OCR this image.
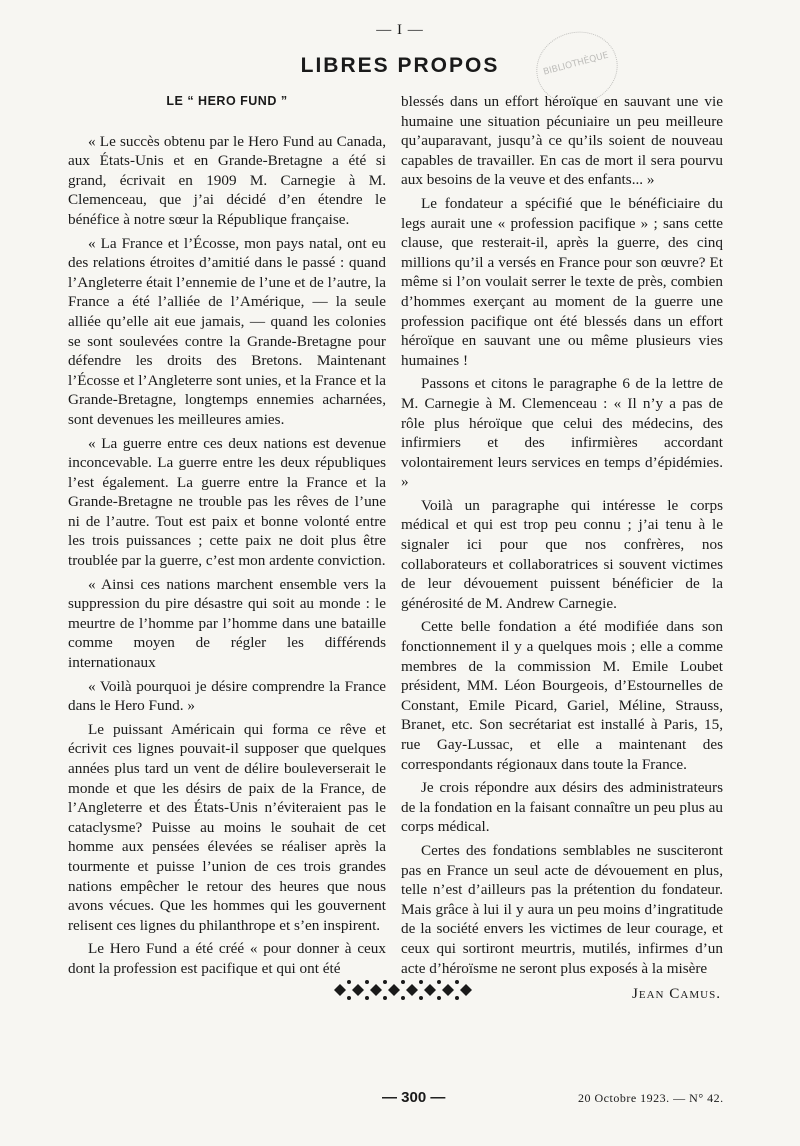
— I —
LIBRES PROPOS	BIBLIOTHÈQUE
LE “ HERO FUND ”

« Le succès obtenu par le Hero Fund au Canada, aux États-Unis et en Grande-Bretagne a été si grand, écrivait en 1909 M. Carnegie à M. Clemenceau, que j’ai décidé d’en étendre le bénéfice à notre sœur la République française.

« La France et l’Écosse, mon pays natal, ont eu des relations étroites d’amitié dans le passé : quand l’Angleterre était l’ennemie de l’une et de l’autre, la France a été l’alliée de l’Amérique, — la seule alliée qu’elle ait eue jamais, — quand les colonies se sont soulevées contre la Grande-Bretagne pour défendre les droits des Bretons. Maintenant l’Écosse et l’Angleterre sont unies, et la France et la Grande-Bretagne, longtemps ennemies acharnées, sont devenues les meilleures amies.

« La guerre entre ces deux nations est devenue inconcevable. La guerre entre les deux républiques l’est également. La guerre entre la France et la Grande-Bretagne ne trouble pas les rêves de l’une ni de l’autre. Tout est paix et bonne volonté entre les trois puissances ; cette paix ne doit plus être troublée par la guerre, c’est mon ardente conviction.

« Ainsi ces nations marchent ensemble vers la suppression du pire désastre qui soit au monde : le meurtre de l’homme par l’homme dans une bataille comme moyen de régler les différends internationaux

« Voilà pourquoi je désire comprendre la France dans le Hero Fund. »

Le puissant Américain qui forma ce rêve et écrivit ces lignes pouvait-il supposer que quelques années plus tard un vent de délire bouleverserait le monde et que les désirs de paix de la France, de l’Angleterre et des États-Unis n’éviteraient pas le cataclysme? Puisse au moins le souhait de cet homme aux pensées élevées se réaliser après la tourmente et puisse l’union de ces trois grandes nations empêcher le retour des heures que nous avons vécues. Que les hommes qui les gouvernent relisent ces lignes du philanthrope et s’en inspirent.

Le Hero Fund a été créé « pour donner à ceux dont la profession est pacifique et qui ont été

blessés dans un effort héroïque en sauvant une vie humaine une situation pécuniaire un peu meilleure qu’auparavant, jusqu’à ce qu’ils soient de nouveau capables de travailler. En cas de mort il sera pourvu aux besoins de la veuve et des enfants... »

Le fondateur a spécifié que le bénéficiaire du legs aurait une « profession pacifique » ; sans cette clause, que resterait-il, après la guerre, des cinq millions qu’il a versés en France pour son œuvre? Et même si l’on voulait serrer le texte de près, combien d’hommes exerçant au moment de la guerre une profession pacifique ont été blessés dans un effort héroïque en sauvant une ou même plusieurs vies humaines !

Passons et citons le paragraphe 6 de la lettre de M. Carnegie à M. Clemenceau : « Il n’y a pas de rôle plus héroïque que celui des médecins, des infirmiers et des infirmières accordant volontairement leurs services en temps d’épidémies. »

Voilà un paragraphe qui intéresse le corps médical et qui est trop peu connu ; j’ai tenu à le signaler ici pour que nos confrères, nos collaborateurs et collaboratrices si souvent victimes de leur dévouement puissent bénéficier de la générosité de M. Andrew Carnegie.

Cette belle fondation a été modifiée dans son fonctionnement il y a quelques mois ; elle a comme membres de la commission M. Emile Loubet président, MM. Léon Bourgeois, d’Estournelles de Constant, Emile Picard, Gariel, Méline, Strauss, Branet, etc. Son secrétariat est installé à Paris, 15, rue Gay-Lussac, et elle a maintenant des correspondants régionaux dans toute la France.

Je crois répondre aux désirs des administrateurs de la fondation en la faisant connaître un peu plus au corps médical.

Certes des fondations semblables ne susciteront pas en France un seul acte de dévouement en plus, telle n’est d’ailleurs pas la prétention du fondateur. Mais grâce à lui il y aura un peu moins d’ingratitude de la société envers les victimes de leur courage, et ceux qui sortiront meurtris, mutilés, infirmes d’un acte d’héroïsme ne seront plus exposés à la misère

Jean Camus.
— 300 —	20 Octobre 1923. — N° 42.
